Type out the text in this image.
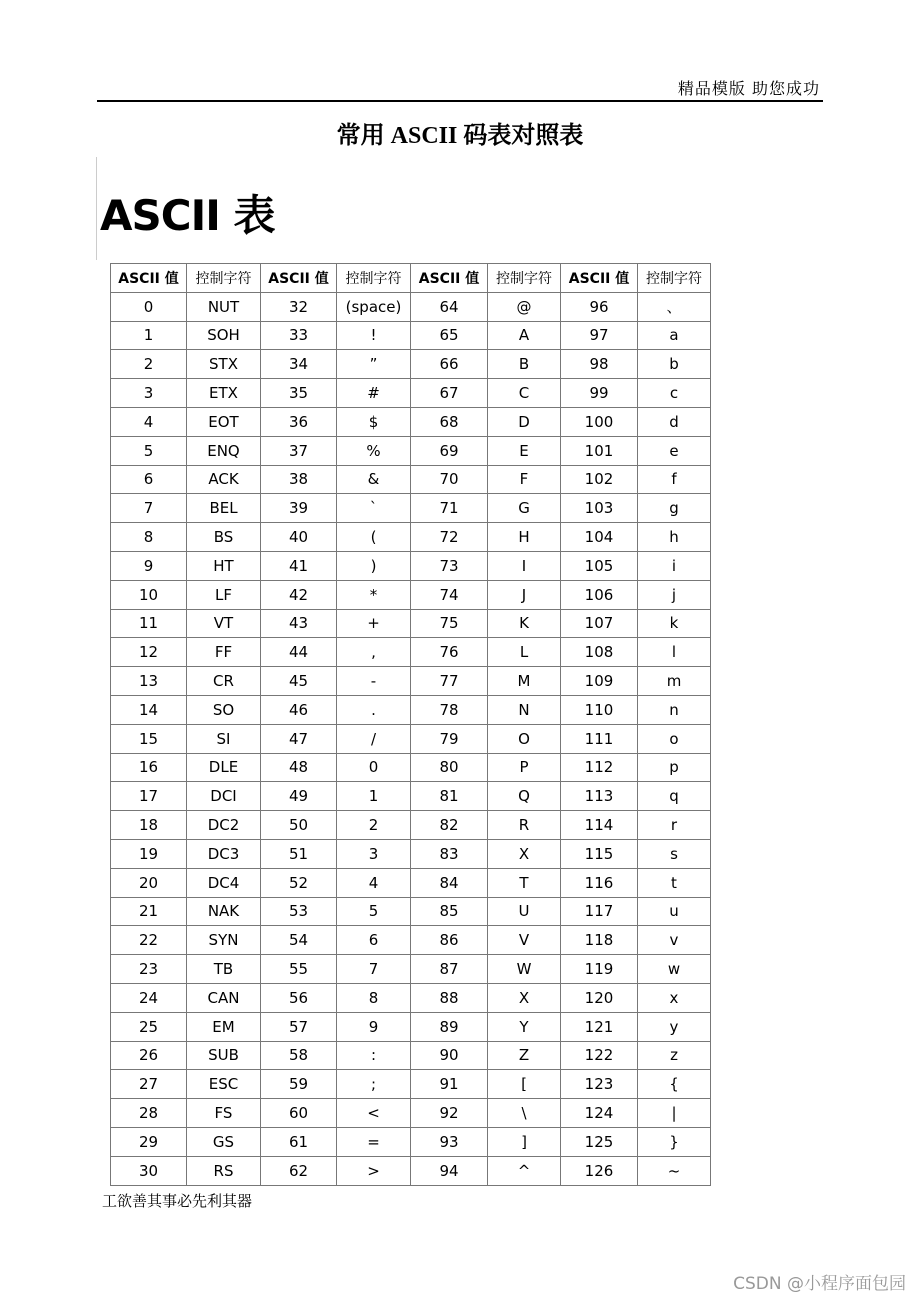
精品模版 助您成功
常用 ASCII 码表对照表
ASCII 表
ASCII 值	控制字符	ASCII 值	控制字符	ASCII 值	控制字符	ASCII 值	控制字符
0	NUT	32	(space)	64	@	96	、
1	SOH	33	!	65	A	97	a
2	STX	34	”	66	B	98	b
3	ETX	35	#	67	C	99	c
4	EOT	36	$	68	D	100	d
5	ENQ	37	%	69	E	101	e
6	ACK	38	&	70	F	102	f
7	BEL	39	`	71	G	103	g
8	BS	40	(	72	H	104	h
9	HT	41	)	73	I	105	i
10	LF	42	*	74	J	106	j
11	VT	43	+	75	K	107	k
12	FF	44	,	76	L	108	l
13	CR	45	-	77	M	109	m
14	SO	46	.	78	N	110	n
15	SI	47	/	79	O	111	o
16	DLE	48	0	80	P	112	p
17	DCI	49	1	81	Q	113	q
18	DC2	50	2	82	R	114	r
19	DC3	51	3	83	X	115	s
20	DC4	52	4	84	T	116	t
21	NAK	53	5	85	U	117	u
22	SYN	54	6	86	V	118	v
23	TB	55	7	87	W	119	w
24	CAN	56	8	88	X	120	x
25	EM	57	9	89	Y	121	y
26	SUB	58	:	90	Z	122	z
27	ESC	59	;	91	[	123	{
28	FS	60	<	92	\	124	|
29	GS	61	=	93	]	125	}
30	RS	62	>	94	^	126	~
工欲善其事必先利其器
CSDN @小程序面包园
